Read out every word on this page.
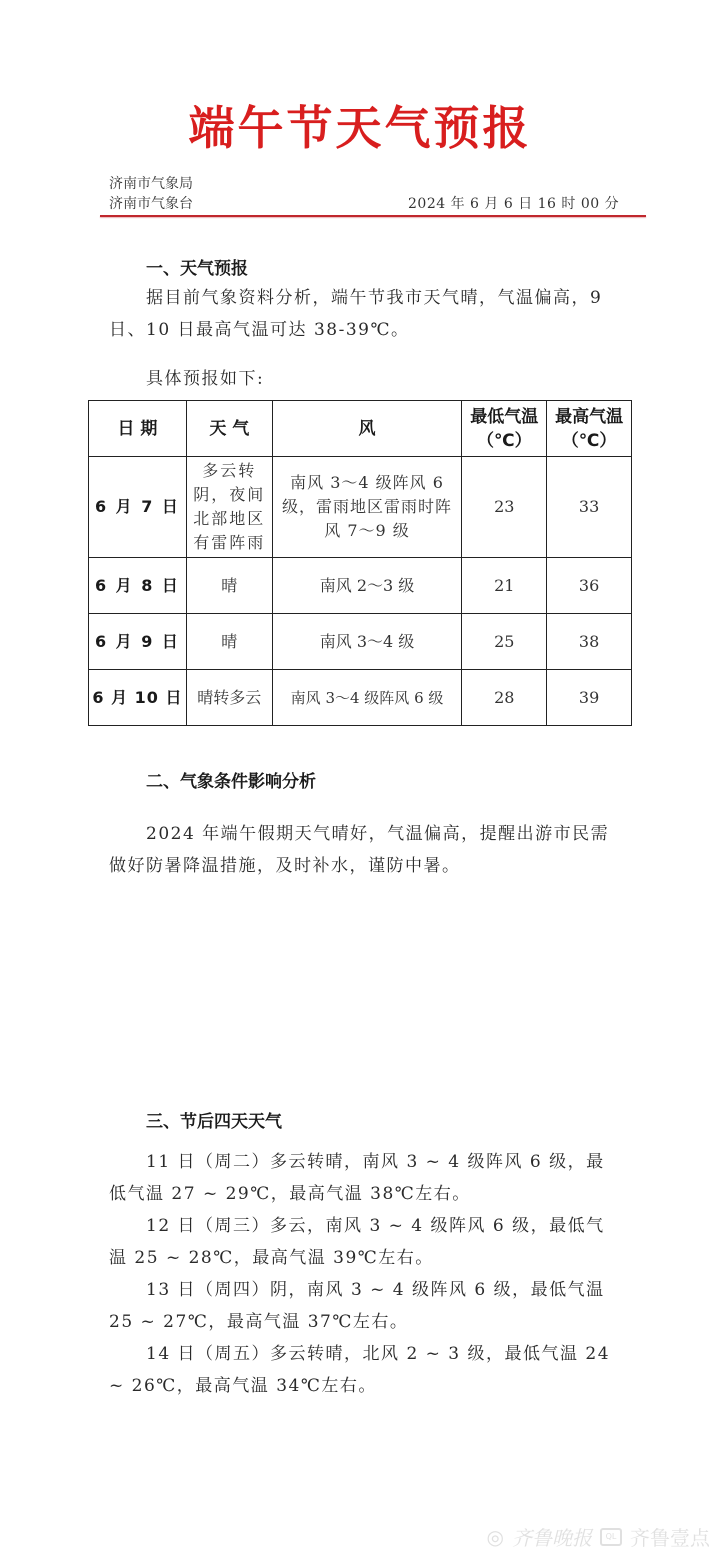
端午节天气预报
济南市气象局
济南市气象台	2024 年 6 月 6 日 16 时 00 分
一、天气预报
据目前气象资料分析，端午节我市天气晴，气温偏高，9 日、10 日最高气温可达 38-39℃。
具体预报如下:
日 期	天 气	风	最低气温（℃）	最高气温（℃）
6 月 7 日	多云转阴，夜间北部地区有雷阵雨	南风 3～4 级阵风 6 级，雷雨地区雷雨时阵风 7～9 级	23	33
6 月 8 日	晴	南风 2～3 级	21	36
6 月 9 日	晴	南风 3～4 级	25	38
6 月 10 日	晴转多云	南风 3～4 级阵风 6 级	28	39
二、气象条件影响分析
2024 年端午假期天气晴好，气温偏高，提醒出游市民需做好防暑降温措施，及时补水，谨防中暑。
三、节后四天天气
11 日（周二）多云转晴，南风 3 ~ 4 级阵风 6 级，最低气温 27 ~ 29℃，最高气温 38℃左右。
12 日（周三）多云，南风 3 ~ 4 级阵风 6 级，最低气温 25 ~ 28℃，最高气温 39℃左右。
13 日（周四）阴，南风 3 ~ 4 级阵风 6 级，最低气温 25 ~ 27℃，最高气温 37℃左右。
14 日（周五）多云转晴，北风 2 ~ 3 级，最低气温 24 ~ 26℃，最高气温 34℃左右。
◎ 齐鲁晚报	QL 齐鲁壹点
